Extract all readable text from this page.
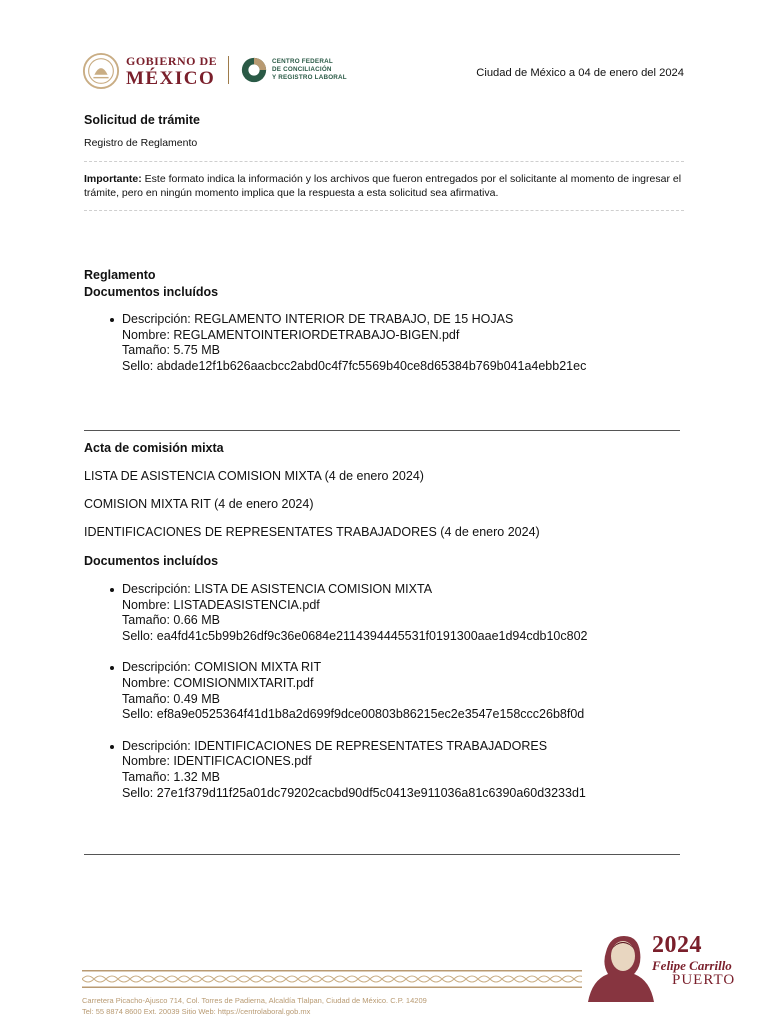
GOBIERNO DE
MÉXICO
CENTRO FEDERAL
DE CONCILIACIÓN
Y REGISTRO LABORAL	Ciudad de México a 04 de enero del 2024
Solicitud de trámite
Registro de Reglamento
Importante: Este formato indica la información y los archivos que fueron entregados por el solicitante al momento de ingresar el trámite, pero en ningún momento implica que la respuesta a esta solicitud sea afirmativa.
Reglamento
Documentos incluídos
Descripción: REGLAMENTO INTERIOR DE TRABAJO, DE 15 HOJAS
Nombre: REGLAMENTOINTERIORDETRABAJO-BIGEN.pdf
Tamaño: 5.75 MB
Sello: abdade12f1b626aacbcc2abd0c4f7fc5569b40ce8d65384b769b041a4ebb21ec
Acta de comisión mixta
LISTA DE ASISTENCIA COMISION MIXTA (4 de enero 2024)
COMISION MIXTA RIT (4 de enero 2024)
IDENTIFICACIONES DE REPRESENTATES TRABAJADORES (4 de enero 2024)
Documentos incluídos
Descripción: LISTA DE ASISTENCIA COMISION MIXTA
Nombre: LISTADEASISTENCIA.pdf
Tamaño: 0.66 MB
Sello: ea4fd41c5b99b26df9c36e0684e2114394445531f0191300aae1d94cdb10c802
Descripción: COMISION MIXTA RIT
Nombre: COMISIONMIXTARIT.pdf
Tamaño: 0.49 MB
Sello: ef8a9e0525364f41d1b8a2d699f9dce00803b86215ec2e3547e158ccc26b8f0d
Descripción: IDENTIFICACIONES DE REPRESENTATES TRABAJADORES
Nombre: IDENTIFICACIONES.pdf
Tamaño: 1.32 MB
Sello: 27e1f379d11f25a01dc79202cacbd90df5c0413e911036a81c6390a60d3233d1
Carretera Picacho-Ajusco 714, Col. Torres de Padierna, Alcaldía Tlalpan, Ciudad de México. C.P. 14209
Tel: 55 8874 8600 Ext. 20039 Sitio Web: https://centrolaboral.gob.mx
2024
Felipe Carrillo
PUERTO
